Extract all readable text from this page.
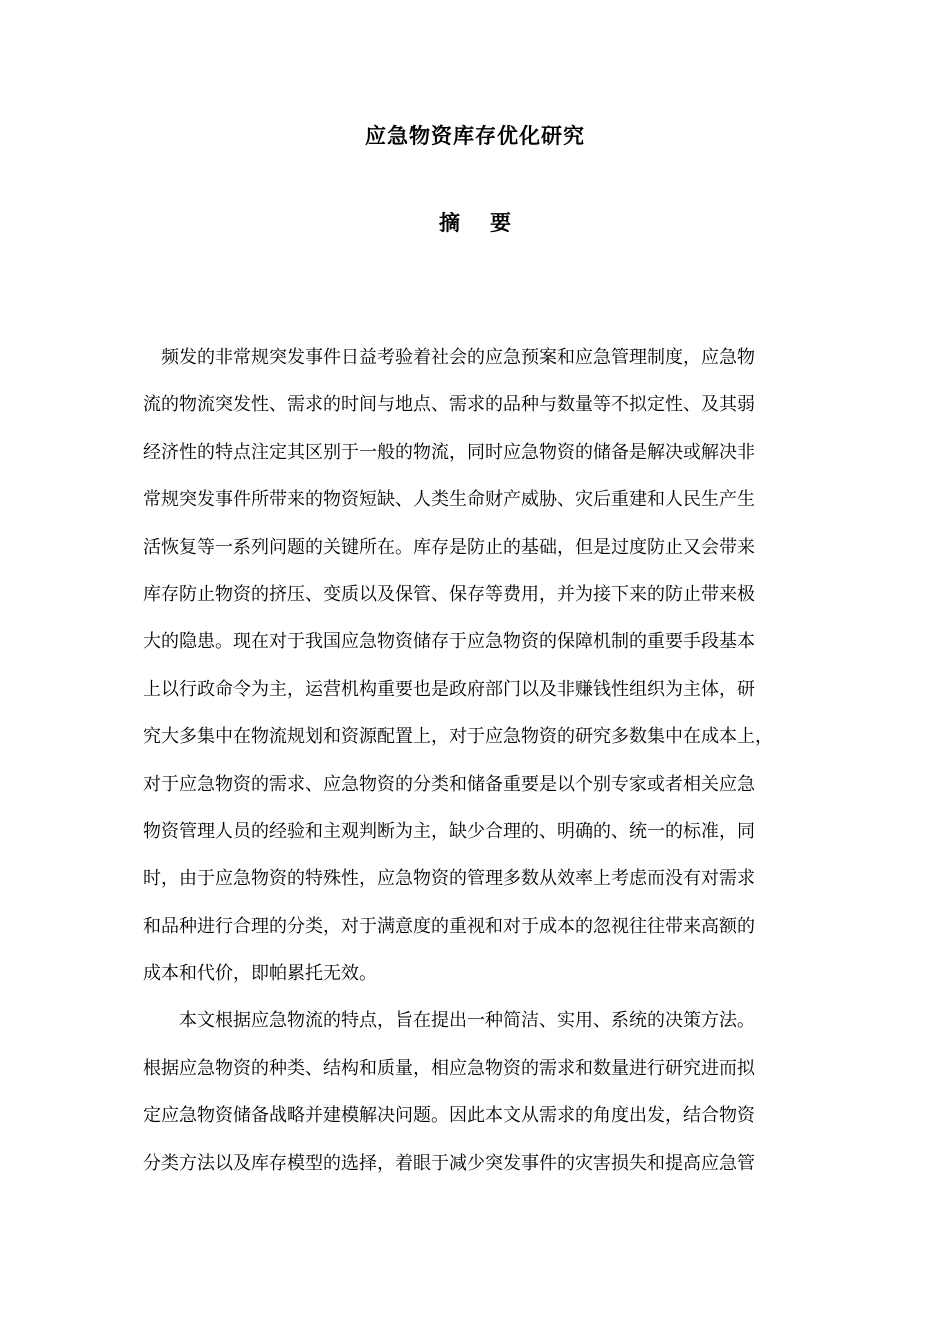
应急物资库存优化研究
摘 要
　频发的非常规突发事件日益考验着社会的应急预案和应急管理制度，应急物
流的物流突发性、需求的时间与地点、需求的品种与数量等不拟定性、及其弱
经济性的特点注定其区别于一般的物流，同时应急物资的储备是解决或解决非
常规突发事件所带来的物资短缺、人类生命财产威胁、灾后重建和人民生产生
活恢复等一系列问题的关键所在。库存是防止的基础，但是过度防止又会带来
库存防止物资的挤压、变质以及保管、保存等费用，并为接下来的防止带来极
大的隐患。现在对于我国应急物资储存于应急物资的保障机制的重要手段基本
上以行政命令为主，运营机构重要也是政府部门以及非赚钱性组织为主体，研
究大多集中在物流规划和资源配置上，对于应急物资的研究多数集中在成本上，
对于应急物资的需求、应急物资的分类和储备重要是以个别专家或者相关应急
物资管理人员的经验和主观判断为主，缺少合理的、明确的、统一的标准，同
时，由于应急物资的特殊性，应急物资的管理多数从效率上考虑而没有对需求
和品种进行合理的分类，对于满意度的重视和对于成本的忽视往往带来高额的
成本和代价，即帕累托无效。
　　本文根据应急物流的特点，旨在提出一种简洁、实用、系统的决策方法。
根据应急物资的种类、结构和质量，相应急物资的需求和数量进行研究进而拟
定应急物资储备战略并建模解决问题。因此本文从需求的角度出发，结合物资
分类方法以及库存模型的选择，着眼于减少突发事件的灾害损失和提高应急管
